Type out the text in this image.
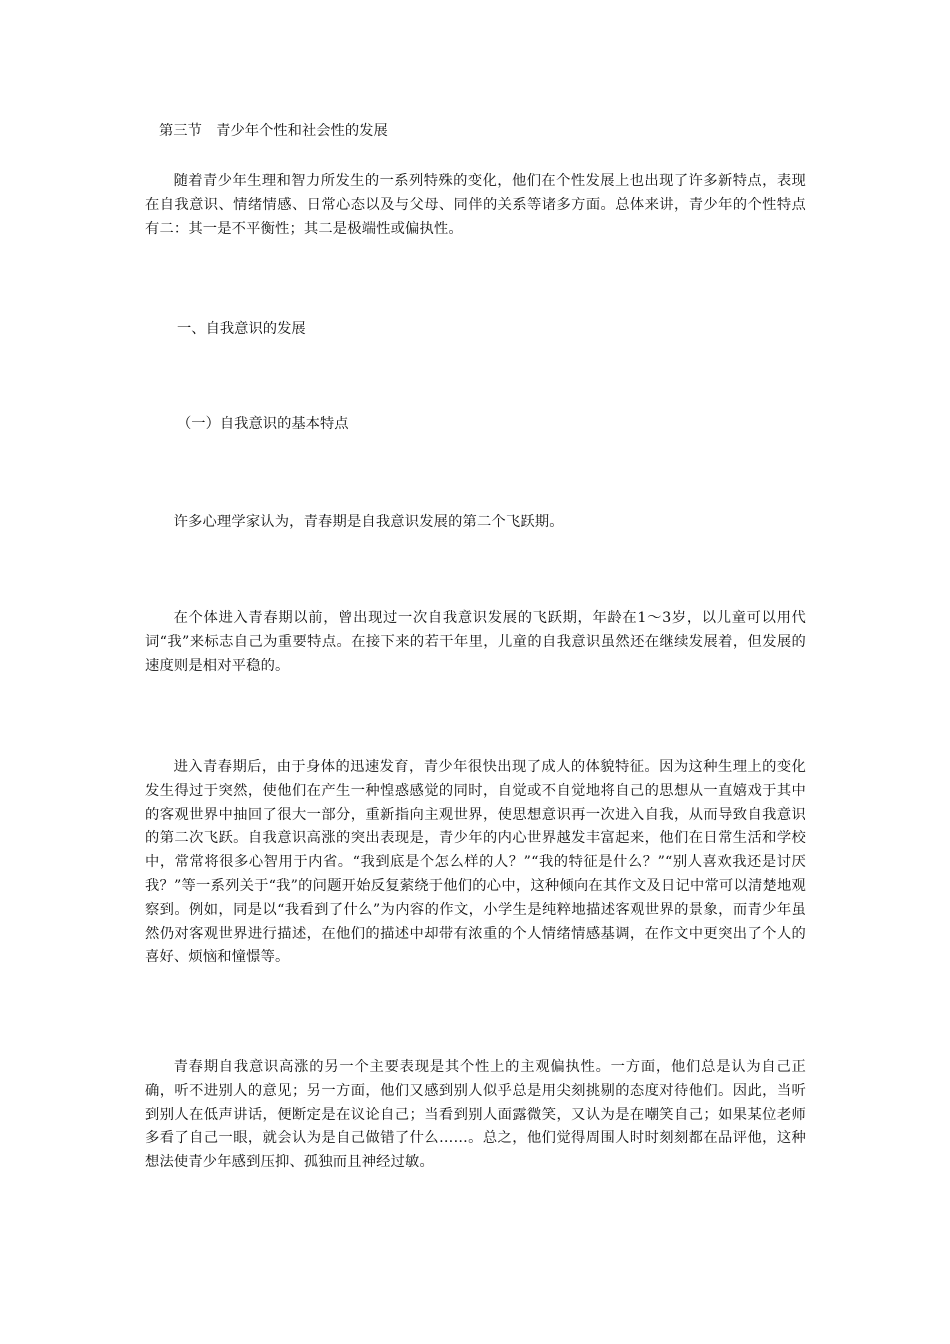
第三节　青少年个性和社会性的发展

随着青少年生理和智力所发生的一系列特殊的变化，他们在个性发展上也出现了许多新特点，表现在自我意识、情绪情感、日常心态以及与父母、同伴的关系等诸多方面。总体来讲，青少年的个性特点有二：其一是不平衡性；其二是极端性或偏执性。

一、自我意识的发展

（一）自我意识的基本特点

许多心理学家认为，青春期是自我意识发展的第二个飞跃期。

在个体进入青春期以前，曾出现过一次自我意识发展的飞跃期，年龄在1～3岁，以儿童可以用代词“我”来标志自己为重要特点。在接下来的若干年里，儿童的自我意识虽然还在继续发展着，但发展的速度则是相对平稳的。

进入青春期后，由于身体的迅速发育，青少年很快出现了成人的体貌特征。因为这种生理上的变化发生得过于突然，使他们在产生一种惶惑感觉的同时，自觉或不自觉地将自己的思想从一直嬉戏于其中的客观世界中抽回了很大一部分，重新指向主观世界，使思想意识再一次进入自我，从而导致自我意识的第二次飞跃。自我意识高涨的突出表现是，青少年的内心世界越发丰富起来，他们在日常生活和学校中，常常将很多心智用于内省。“我到底是个怎么样的人？”“我的特征是什么？”“别人喜欢我还是讨厌我？”等一系列关于“我”的问题开始反复萦绕于他们的心中，这种倾向在其作文及日记中常可以清楚地观察到。例如，同是以“我看到了什么”为内容的作文，小学生是纯粹地描述客观世界的景象，而青少年虽然仍对客观世界进行描述，在他们的描述中却带有浓重的个人情绪情感基调，在作文中更突出了个人的喜好、烦恼和憧憬等。

青春期自我意识高涨的另一个主要表现是其个性上的主观偏执性。一方面，他们总是认为自己正确，听不进别人的意见；另一方面，他们又感到别人似乎总是用尖刻挑剔的态度对待他们。因此，当听到别人在低声讲话，便断定是在议论自己；当看到别人面露微笑，又认为是在嘲笑自己；如果某位老师多看了自己一眼，就会认为是自己做错了什么……。总之，他们觉得周围人时时刻刻都在品评他，这种想法使青少年感到压抑、孤独而且神经过敏。
